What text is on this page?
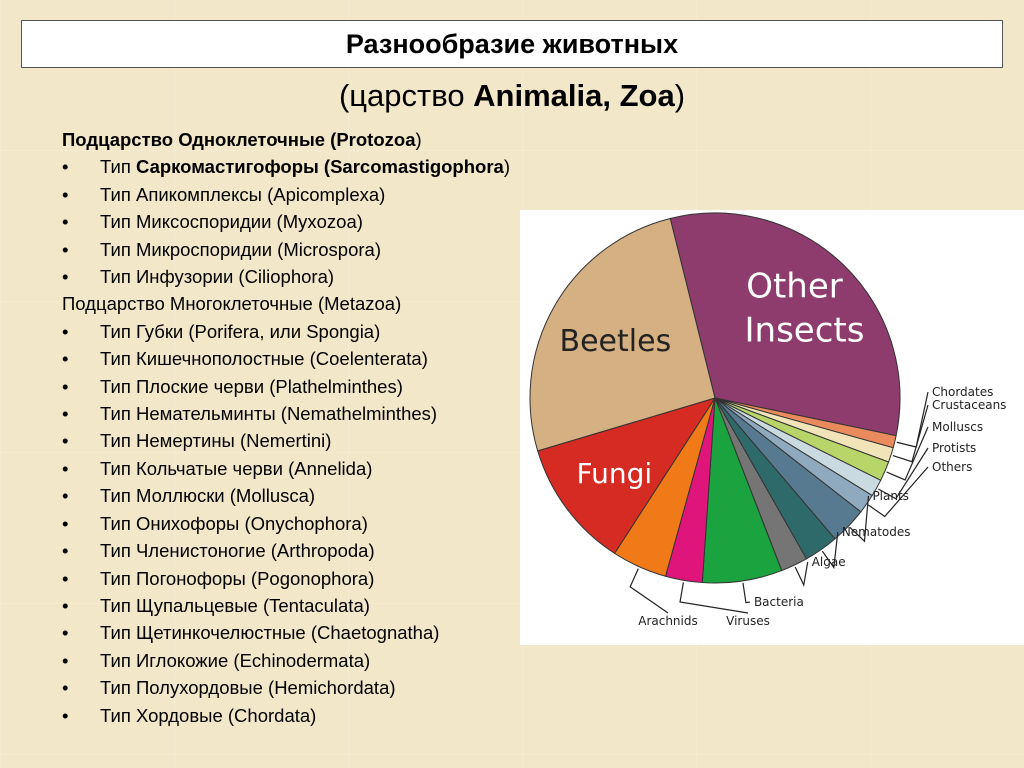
Разнообразие животных
(царство Animalia, Zoa)
Подцарство Одноклеточные (Protozoa)
• Тип Саркомастигофоры (Sarcomastigophora)
• Тип Апикомплексы (Apicomplexa)
• Тип Миксоспоридии (Myxozoa)
• Тип Микроспоридии (Microspora)
• Тип Инфузории (Ciliophora)
Подцарство Многоклеточные (Metazoa)
• Тип Губки (Porifera, или Spongia)
• Тип Кишечнополостные (Coelenterata)
• Тип Плоские черви (Plathelminthes)
• Тип Немательминты (Nemathelminthes)
• Тип Немертины (Nemertini)
• Тип Кольчатые черви (Annelida)
• Тип Моллюски (Mollusca)
• Тип Онихофоры (Onychophora)
• Тип Членистоногие (Arthropoda)
• Тип Погонофоры (Pogonophora)
• Тип Щупальцевые (Tentaculata)
• Тип Щетинкочелюстные (Chaetognatha)
• Тип Иглокожие (Echinodermata)
• Тип Полухордовые (Hemichordata)
• Тип Хордовые (Chordata)
Other Insects
Chordates
Crustaceans
Molluscs
Protists
Others
Plants
Nematodes
Algae
Bacteria
Viruses
Arachnids
Fungi
Beetles
